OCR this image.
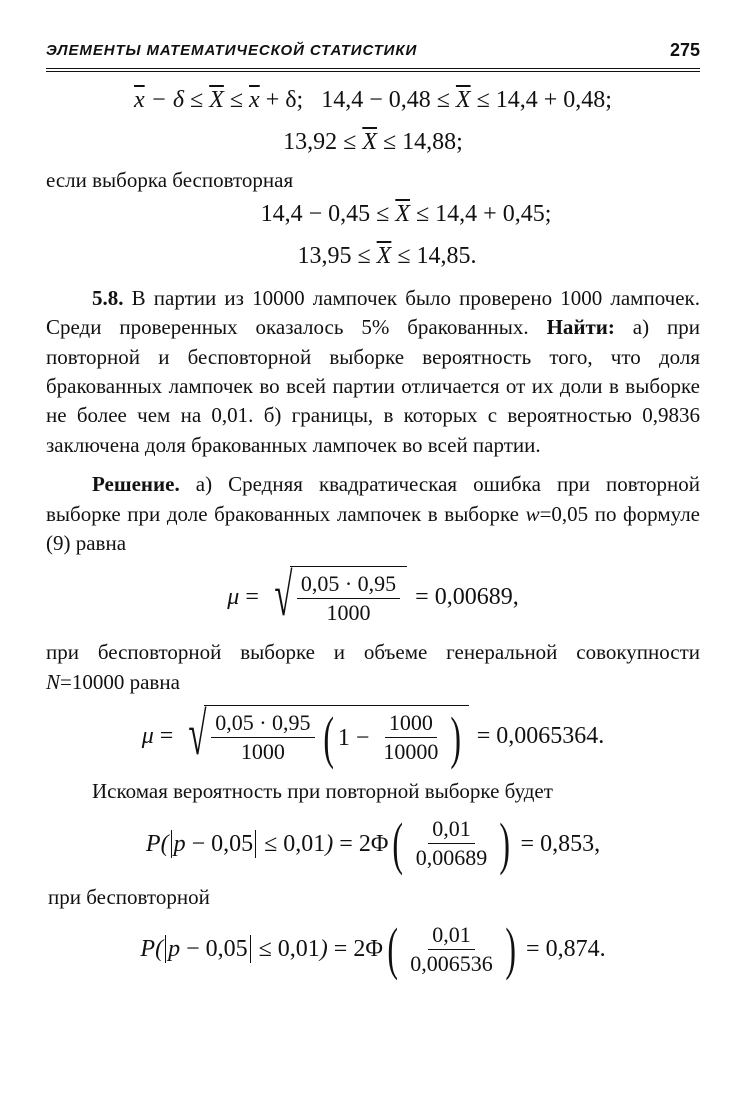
ЭЛЕМЕНТЫ МАТЕМАТИЧЕСКОЙ СТАТИСТИКИ	275
$\overline{x} - \delta \le \overline{X} \le \overline{x} + \delta$;   $14,4 - 0,48 \le \overline{X} \le 14,4 + 0,48$;
$13,92 \le \overline{X} \le 14,88$;

если выборка бесповторная

$14,4 - 0,45 \le \overline{X} \le 14,4 + 0,45$;
$13,95 \le \overline{X} \le 14,85$.

5.8. В партии из 10000 лампочек было проверено 1000 лампочек. Среди проверенных оказалось 5% бракованных. Найти: а) при повторной и бесповторной выборке вероятность того, что доля бракованных лампочек во всей партии отличается от их доли в выборке не более чем на 0,01. б) границы, в которых с вероятностью 0,9836 заключена доля бракованных лампочек во всей партии.

Решение. а) Средняя квадратическая ошибка при повторной выборке при доле бракованных лампочек в выборке w=0,05 по формуле (9) равна

μ = √ $\frac{0,05 \cdot 0,95}{1000} = 0,00689$,

при бесповторной выборке и объеме генеральной совокупности N=10000 равна

μ = √ $\frac{0,05 \cdot 0,95}{1000}$ ( $1 - \frac{1000}{10000}$ ) = 0,0065364.

Искомая вероятность при повторной выборке будет

P ( p − 0,05 ≤ 0,01 ) = 2Φ ( $\frac{0,01}{0,00689}$ ) = 0,853,

при бесповторной

P ( p − 0,05 ≤ 0,01 ) = 2Φ ( $\frac{0,01}{0,006536}$ ) = 0,874.
